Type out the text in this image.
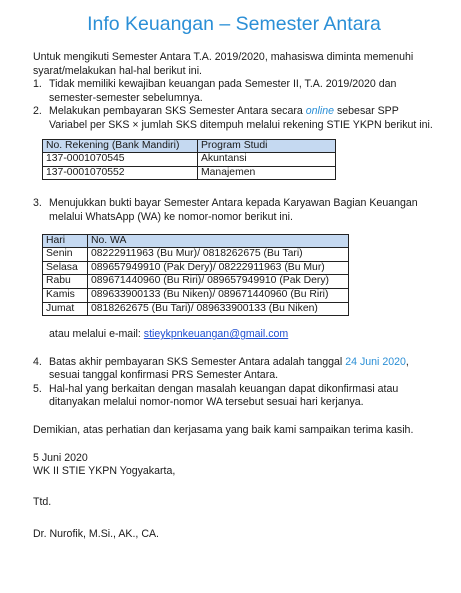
Info Keuangan – Semester Antara

Untuk mengikuti Semester Antara T.A. 2019/2020, mahasiswa diminta memenuhi syarat/melakukan hal-hal berikut ini.

1. Tidak memiliki kewajiban keuangan pada Semester II, T.A. 2019/2020 dan semester-semester sebelumnya.
2. Melakukan pembayaran SKS Semester Antara secara online sebesar SPP Variabel per SKS × jumlah SKS ditempuh melalui rekening STIE YKPN berikut ini.
No. Rekening (Bank Mandiri)	Program Studi
137-0001070545	Akuntansi
137-0001070552	Manajemen
3. Menujukkan bukti bayar Semester Antara kepada Karyawan Bagian Keuangan melalui WhatsApp (WA) ke nomor-nomor berikut ini.
Hari	No. WA
Senin	08222911963 (Bu Mur)/ 0818262675 (Bu Tari)
Selasa	089657949910 (Pak Dery)/ 08222911963 (Bu Mur)
Rabu	089671440960 (Bu Riri)/ 089657949910 (Pak Dery)
Kamis	089633900133 (Bu Niken)/ 089671440960 (Bu Riri)
Jumat	0818262675 (Bu Tari)/ 089633900133 (Bu Niken)

atau melalui e-mail: stieykpnkeuangan@gmail.com

4. Batas akhir pembayaran SKS Semester Antara adalah tanggal 24 Juni 2020, sesuai tanggal konfirmasi PRS Semester Antara.
5. Hal-hal yang berkaitan dengan masalah keuangan dapat dikonfirmasi atau ditanyakan melalui nomor-nomor WA tersebut sesuai hari kerjanya.

Demikian, atas perhatian dan kerjasama yang baik kami sampaikan terima kasih.

5 Juni 2020

WK II STIE YKPN Yogyakarta,

Ttd.

Dr. Nurofik, M.Si., AK., CA.
